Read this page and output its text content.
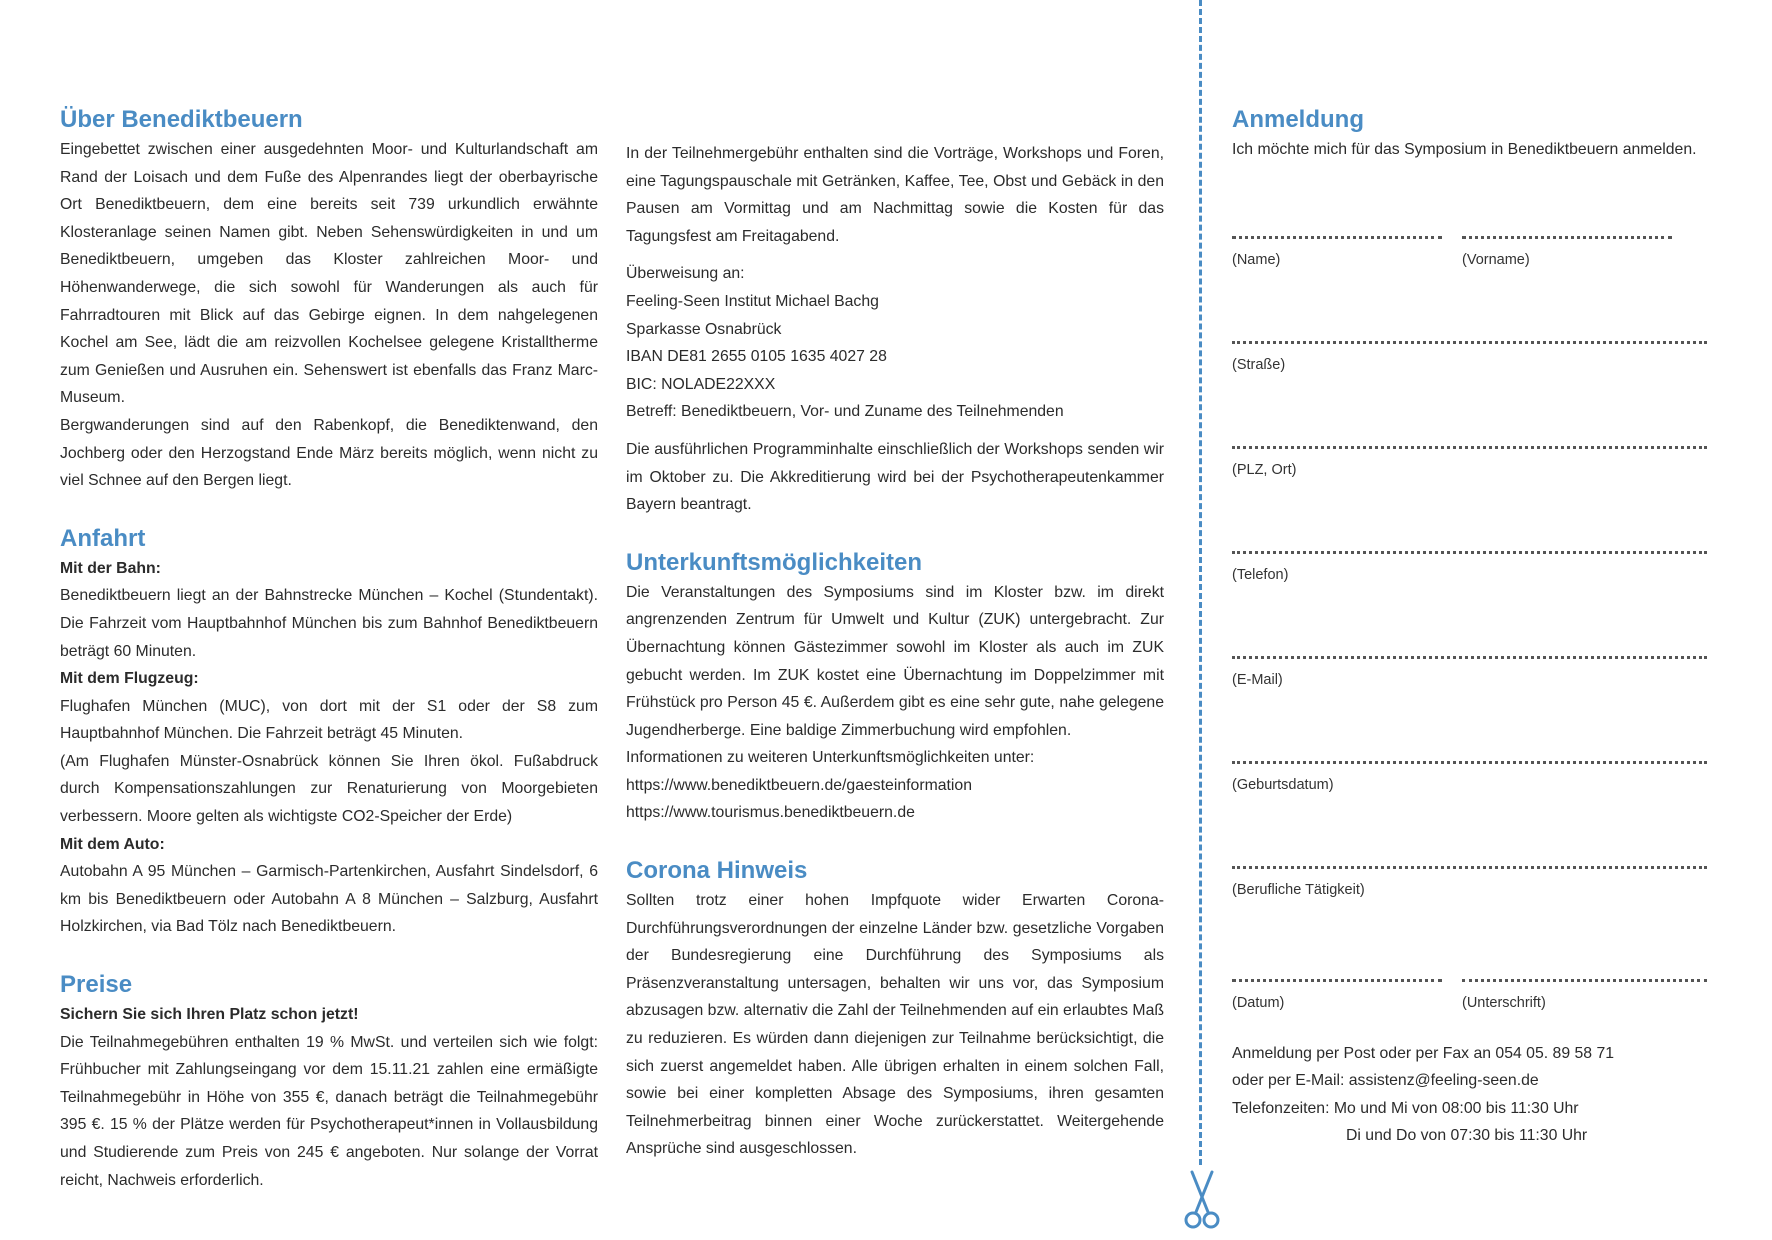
Über Benediktbeuern

Eingebettet zwischen einer ausgedehnten Moor- und Kulturlandschaft am Rand der Loisach und dem Fuße des Alpenrandes liegt der oberbayrische Ort Benediktbeuern, dem eine bereits seit 739 urkundlich erwähnte Klosteranlage seinen Namen gibt. Neben Sehenswürdigkeiten in und um Benediktbeuern, umgeben das Kloster zahlreichen Moor- und Höhenwanderwege, die sich sowohl für Wanderungen als auch für Fahrradtouren mit Blick auf das Gebirge eignen. In dem nahgelegenen Kochel am See, lädt die am reizvollen Kochelsee gelegene Kristalltherme zum Genießen und Ausruhen ein. Sehenswert ist ebenfalls das Franz Marc-Museum.

Bergwanderungen sind auf den Rabenkopf, die Benediktenwand, den Jochberg oder den Herzogstand Ende März bereits möglich, wenn nicht zu viel Schnee auf den Bergen liegt.

Anfahrt
Mit der Bahn:

Benediktbeuern liegt an der Bahnstrecke München – Kochel (Stundentakt). Die Fahrzeit vom Hauptbahnhof München bis zum Bahnhof Benediktbeuern beträgt 60 Minuten.

Mit dem Flugzeug:

Flughafen München (MUC), von dort mit der S1 oder der S8 zum Hauptbahnhof München. Die Fahrzeit beträgt 45 Minuten.

(Am Flughafen Münster-Osnabrück können Sie Ihren ökol. Fußabdruck durch Kompensationszahlungen zur Renaturierung von Moorgebieten verbessern. Moore gelten als wichtigste CO2-Speicher der Erde)

Mit dem Auto:

Autobahn A 95 München – Garmisch-Partenkirchen, Ausfahrt Sindelsdorf, 6 km bis Benediktbeuern oder Autobahn A 8 München – Salzburg, Ausfahrt Holzkirchen, via Bad Tölz nach Benediktbeuern.

Preise
Sichern Sie sich Ihren Platz schon jetzt!

Die Teilnahmegebühren enthalten 19 % MwSt. und verteilen sich wie folgt: Frühbucher mit Zahlungseingang vor dem 15.11.21 zahlen eine ermäßigte Teilnahmegebühr in Höhe von 355 €, danach beträgt die Teilnahmegebühr 395 €. 15 % der Plätze werden für Psychotherapeut*innen in Vollausbildung und Studierende zum Preis von 245 € angeboten. Nur solange der Vorrat reicht, Nachweis erforderlich.

In der Teilnehmergebühr enthalten sind die Vorträge, Workshops und Foren, eine Tagungspauschale mit Getränken, Kaffee, Tee, Obst und Gebäck in den Pausen am Vormittag und am Nachmittag sowie die Kosten für das Tagungsfest am Freitagabend.

Überweisung an:
Feeling-Seen Institut Michael Bachg
Sparkasse Osnabrück
IBAN DE81 2655 0105 1635 4027 28
BIC: NOLADE22XXX
Betreff: Benediktbeuern, Vor- und Zuname des Teilnehmenden

Die ausführlichen Programminhalte einschließlich der Workshops senden wir im Oktober zu. Die Akkreditierung wird bei der Psychotherapeutenkammer Bayern beantragt.

Unterkunftsmöglichkeiten

Die Veranstaltungen des Symposiums sind im Kloster bzw. im direkt angrenzenden Zentrum für Umwelt und Kultur (ZUK) untergebracht. Zur Übernachtung können Gästezimmer sowohl im Kloster als auch im ZUK gebucht werden. Im ZUK kostet eine Übernachtung im Doppelzimmer mit Frühstück pro Person 45 €. Außerdem gibt es eine sehr gute, nahe gelegene Jugendherberge. Eine baldige Zimmerbuchung wird empfohlen.

Informationen zu weiteren Unterkunftsmöglichkeiten unter:
https://www.benediktbeuern.de/gaesteinformation
https://www.tourismus.benediktbeuern.de
Corona Hinweis

Sollten trotz einer hohen Impfquote wider Erwarten Corona-Durchführungsverordnungen der einzelne Länder bzw. gesetzliche Vorgaben der Bundesregierung eine Durchführung des Symposiums als Präsenzveranstaltung untersagen, behalten wir uns vor, das Symposium abzusagen bzw. alternativ die Zahl der Teilnehmenden auf ein erlaubtes Maß zu reduzieren. Es würden dann diejenigen zur Teilnahme berücksichtigt, die sich zuerst angemeldet haben. Alle übrigen erhalten in einem solchen Fall, sowie bei einer kompletten Absage des Symposiums, ihren gesamten Teilnehmerbeitrag binnen einer Woche zurückerstattet. Weitergehende Ansprüche sind ausgeschlossen.

Anmeldung

Ich möchte mich für das Symposium in Benediktbeuern anmelden.

(Name)	(Vorname)
(Straße)
(PLZ, Ort)
(Telefon)
(E-Mail)
(Geburtsdatum)
(Berufliche Tätigkeit)
(Datum)	(Unterschrift)
Anmeldung per Post oder per Fax an 054 05. 89 58 71
oder per E-Mail: assistenz@feeling-seen.de
Telefonzeiten: Mo und Mi von 08:00 bis 11:30 Uhr
Di und Do von 07:30 bis 11:30 Uhr
